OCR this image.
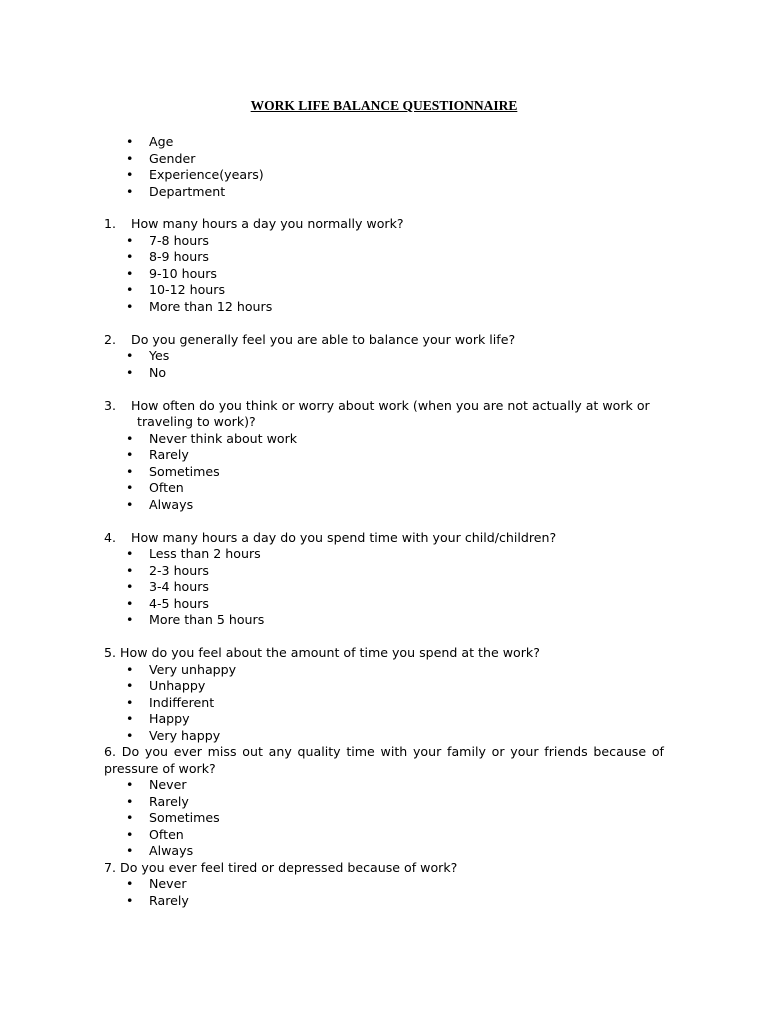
WORK LIFE BALANCE QUESTIONNAIRE
• Age
• Gender
• Experience(years)
• Department
1. How many hours a day you normally work?
• 7-8 hours
• 8-9 hours
• 9-10 hours
• 10-12 hours
• More than 12 hours
2. Do you generally feel you are able to balance your work life?
• Yes
• No
3. How often do you think or worry about work (when you are not actually at work or
traveling to work)?
• Never think about work
• Rarely
• Sometimes
• Often
• Always
4. How many hours a day do you spend time with your child/children?
• Less than 2 hours
• 2-3 hours
• 3-4 hours
• 4-5 hours
• More than 5 hours
5. How do you feel about the amount of time you spend at the work?
• Very unhappy
• Unhappy
• Indifferent
• Happy
• Very happy
6. Do you ever miss out any quality time with your family or your friends because of
pressure of work?
• Never
• Rarely
• Sometimes
• Often
• Always
7. Do you ever feel tired or depressed because of work?
• Never
• Rarely
